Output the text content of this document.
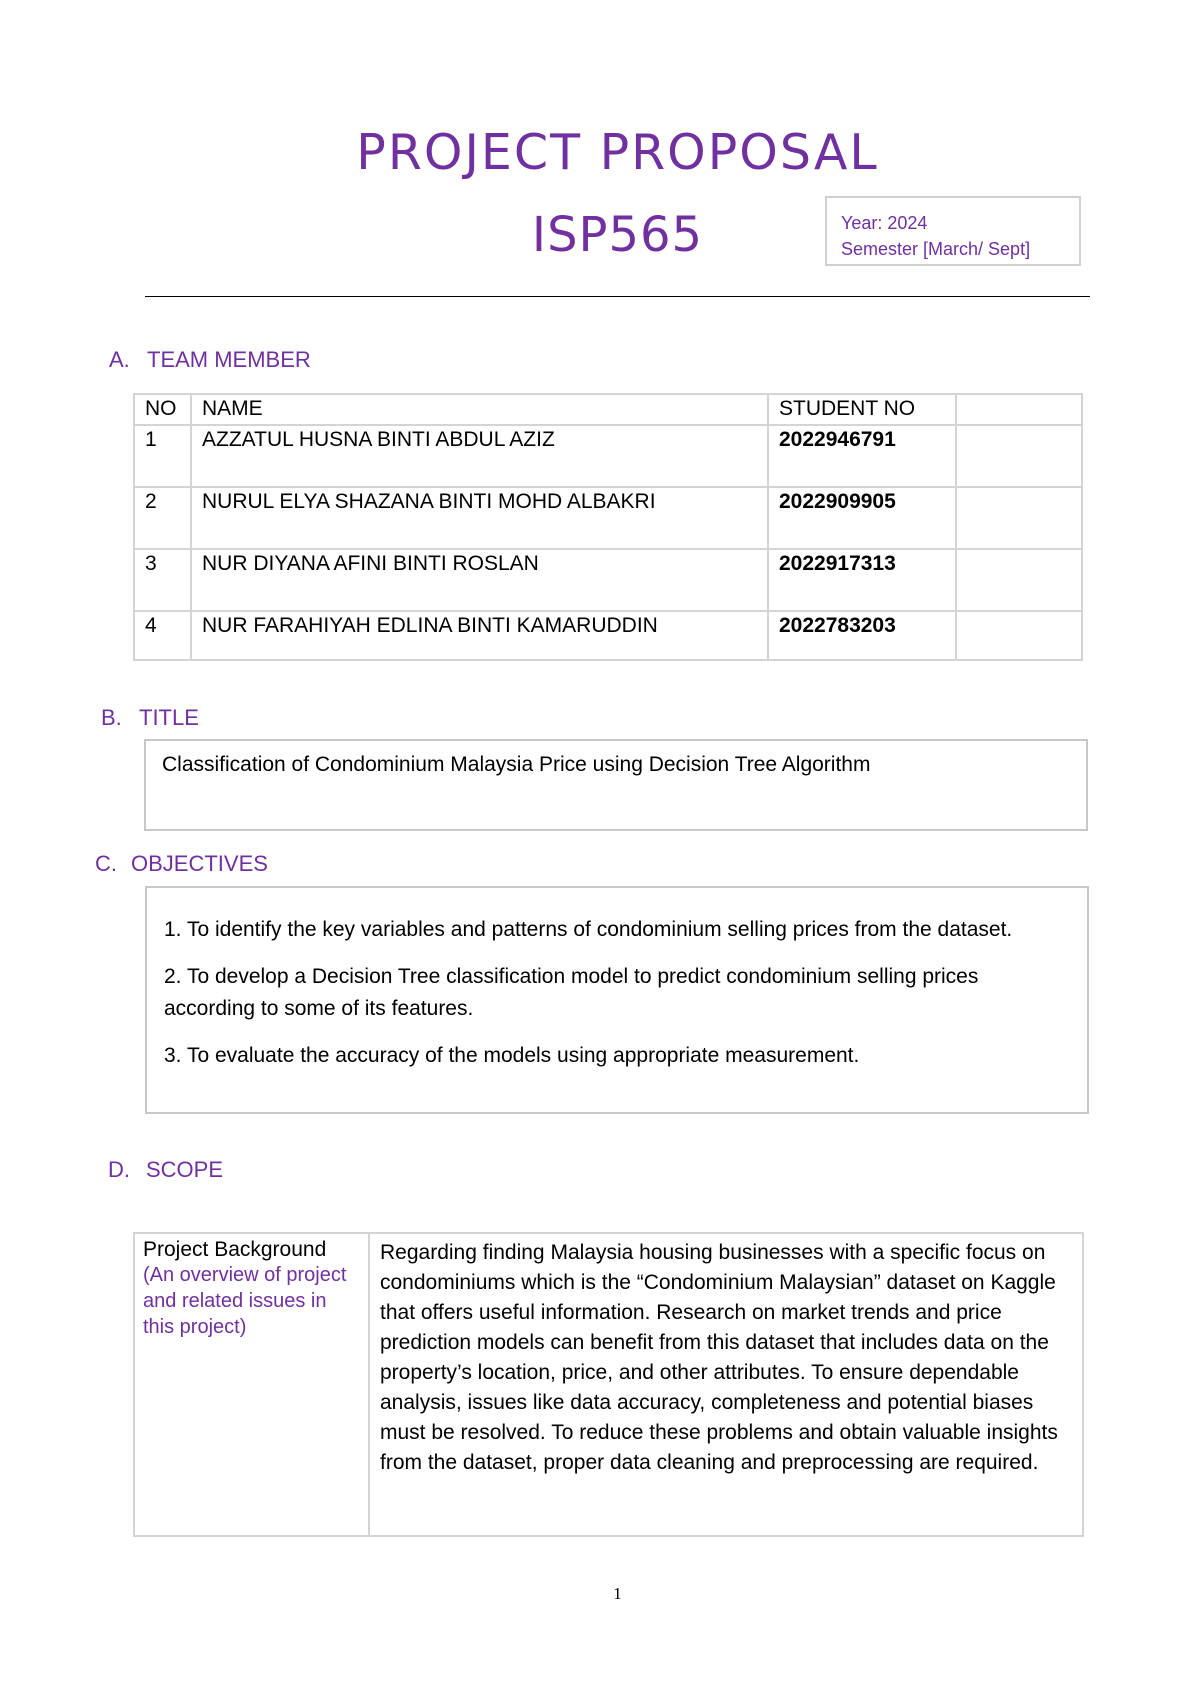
PROJECT PROPOSAL
ISP565	Year: 2024
Semester [March/ Sept]
A. TEAM MEMBER
NO	NAME	STUDENT NO	
1	AZZATUL HUSNA BINTI ABDUL AZIZ	2022946791	
2	NURUL ELYA SHAZANA BINTI MOHD ALBAKRI	2022909905	
3	NUR DIYANA AFINI BINTI ROSLAN	2022917313	
4	NUR FARAHIYAH EDLINA BINTI KAMARUDDIN	2022783203	
B. TITLE
Classification of Condominium Malaysia Price using Decision Tree Algorithm
C. OBJECTIVES

1. To identify the key variables and patterns of condominium selling prices from the dataset.

2. To develop a Decision Tree classification model to predict condominium selling prices according to some of its features.

3. To evaluate the accuracy of the models using appropriate measurement.

D. SCOPE
Project Background
(An overview of project and related issues in this project)
	Regarding finding Malaysia housing businesses with a specific focus on condominiums which is the “Condominium Malaysian” dataset on Kaggle that offers useful information. Research on market trends and price prediction models can benefit from this dataset that includes data on the property’s location, price, and other attributes. To ensure dependable analysis, issues like data accuracy, completeness and potential biases must be resolved. To reduce these problems and obtain valuable insights from the dataset, proper data cleaning and preprocessing are required.
1
